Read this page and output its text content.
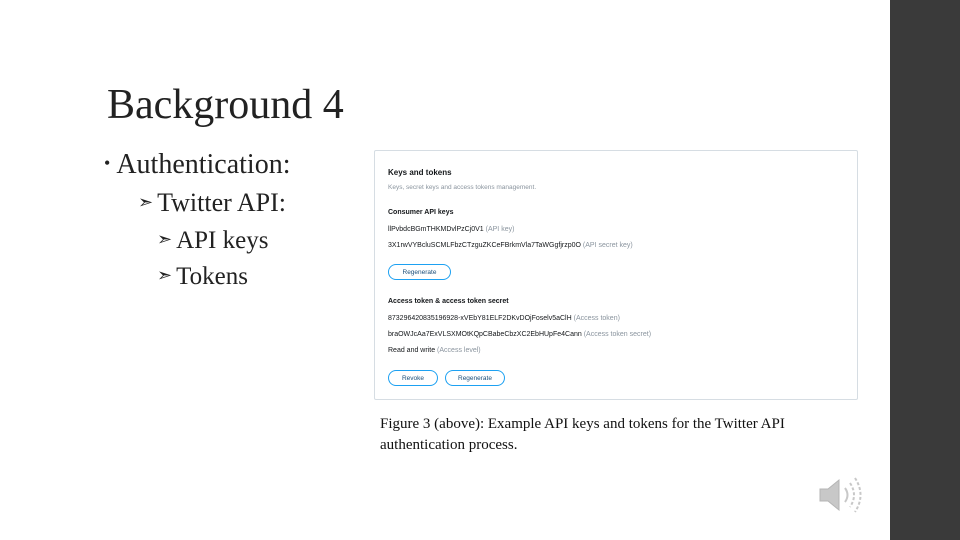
Background 4
• Authentication:
➣ Twitter API:
➣ API keys
➣ Tokens
Keys and tokens
Keys, secret keys and access tokens management.
Consumer API keys
llPvbdcBGmTHKMDvlPzCj0V1 (API key)
3X1rwVYBcluSCMLFbzCTzguZKCeFBrkmVla7TaWGgfjrzp0O (API secret key)
Regenerate
Access token & access token secret
873296420835196928-xVEbY81ELF2DKvDOjFoselv5aClH (Access token)
braOWJcAa7ExVLSXMOtKQpCBabeCbzXC2EbHUpFe4Cann (Access token secret)
Read and write (Access level)
Revoke	Regenerate
Figure 3 (above): Example API keys and tokens for the Twitter API authentication process.
